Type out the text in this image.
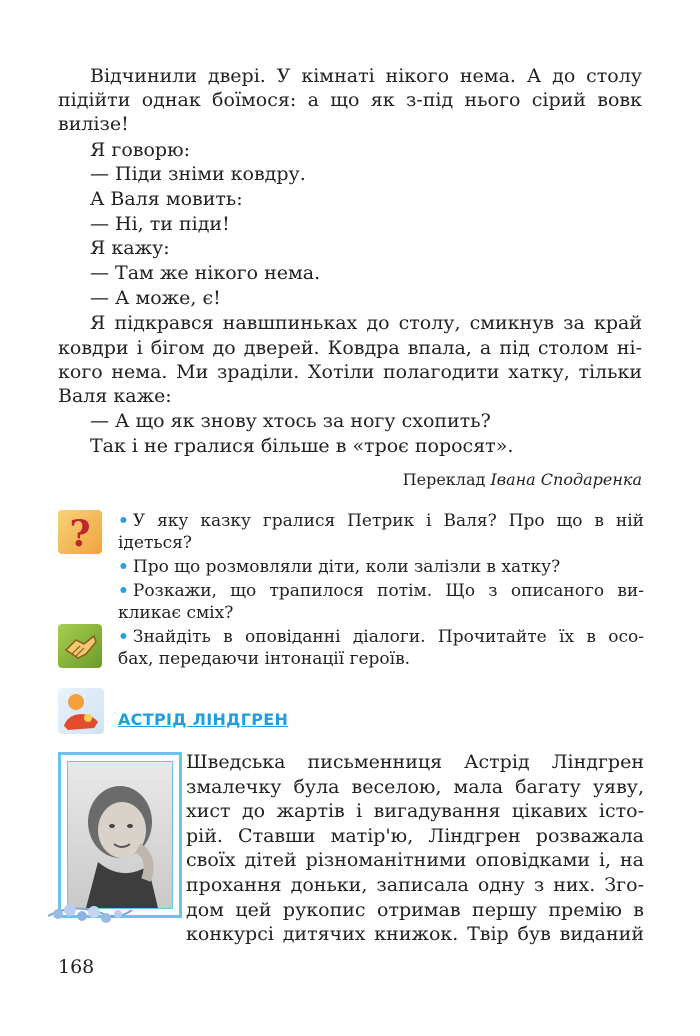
Відчинили двері. У кімнаті нікого нема. А до столу
підійти однак боїмося: а що як з-під нього сірий вовк
вилізе!
Я говорю:
— Піди зніми ковдру.
А Валя мовить:
— Ні, ти піди!
Я кажу:
— Там же нікого нема.
— А може, є!
Я підкрався навшпиньках до столу, смикнув за край
ковдри і бігом до дверей. Ковдра впала, а під столом ні-
кого нема. Ми зраділи. Хотіли полагодити хатку, тільки
Валя каже:
— А що як знову хтось за ногу схопить?
Так і не гралися більше в «троє поросят».
Переклад Івана Сподаренка
? • У яку казку гралися Петрик і Валя? Про що в ній
ідеться?
• Про що розмовляли діти, коли залізли в хатку?
• Розкажи, що трапилося потім. Що з описаного ви-
кликає сміх?
• Знайдіть в оповіданні діалоги. Прочитайте їх в осо-
бах, передаючи інтонації героїв.
АСТРІД ЛІНДГРЕН
Шведська письменниця Астрід Ліндгрен
змалечку була веселою, мала багату уяву,
хист до жартів і вигадування цікавих істо-
рій. Ставши матір'ю, Ліндгрен розважала
своїх дітей різноманітними оповідками і, на
прохання доньки, записала одну з них. Зго-
дом цей рукопис отримав першу премію в
конкурсі дитячих книжок. Твір був виданий
168
